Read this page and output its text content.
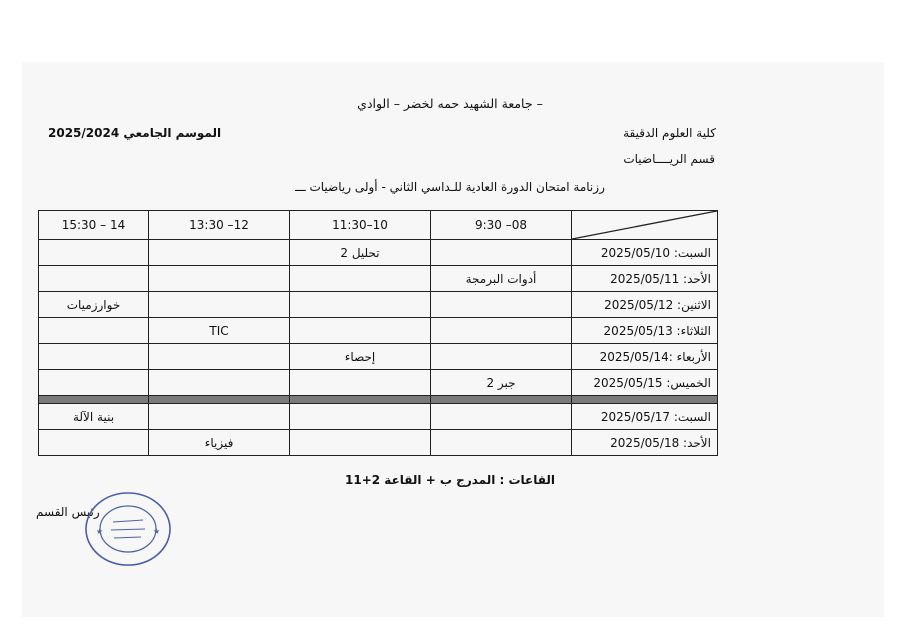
جامعة الشهيد حمه لخضر – الوادي –
كلية العلوم الدقيقة
قسم الريــــاضيات
الموسم الجامعي 2025/2024
رزنامة امتحان الدورة العادية للـداسي الثاني - أولى رياضيات ـــ
	08– 9:30	10–11:30	12– 13:30	14 – 15:30
السبت: 2025/05/10		تحليل 2		
الأحد: 2025/05/11	أدوات البرمجة			
الاثنين: 2025/05/12				خوارزميات
الثلاثاء: 2025/05/13			TIC	
الأربعاء :2025/05/14		إحصاء		
الخميس: 2025/05/15	جبر 2			

السبت: 2025/05/17				بنية الآلة
الأحد: 2025/05/18			فيزياء	
القاعات : المدرج ب + القاعة 2+11
رئيس القسم
★	★
